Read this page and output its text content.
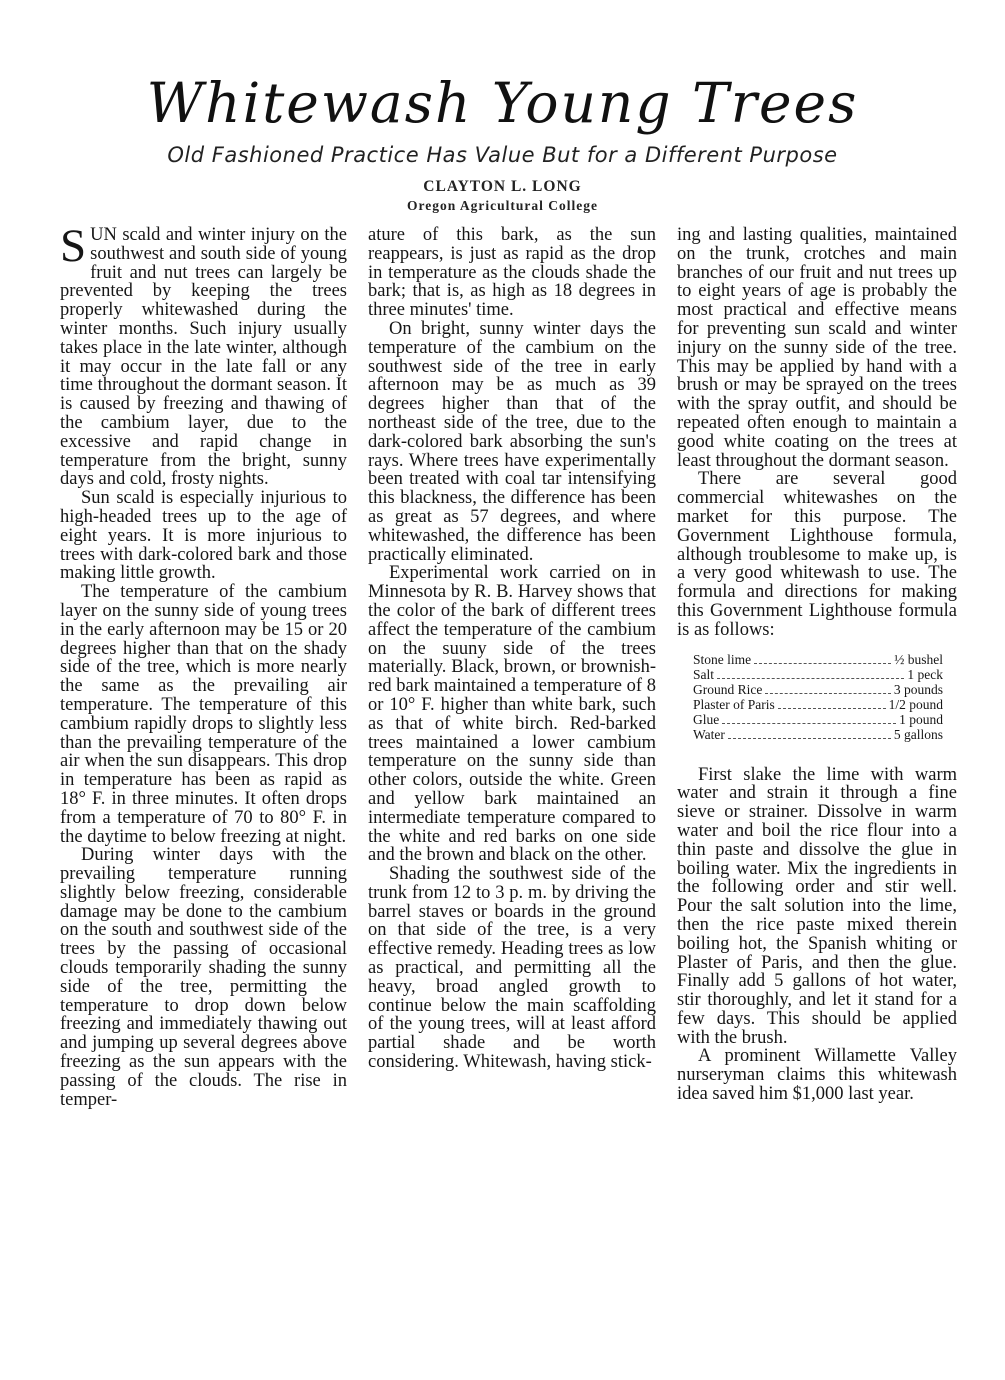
Whitewash Young Trees
Old Fashioned Practice Has Value But for a Different Purpose
CLAYTON L. LONG
Oregon Agricultural College

SUN scald and winter injury on the southwest and south side of young fruit and nut trees can largely be prevented by keeping the trees properly whitewashed during the winter months. Such injury usually takes place in the late winter, although it may occur in the late fall or any time throughout the dormant season. It is caused by freezing and thawing of the cambium layer, due to the excessive and rapid change in temperature from the bright, sunny days and cold, frosty nights.

Sun scald is especially injurious to high-headed trees up to the age of eight years. It is more injurious to trees with dark-colored bark and those making little growth.

The temperature of the cambium layer on the sunny side of young trees in the early afternoon may be 15 or 20 degrees higher than that on the shady side of the tree, which is more nearly the same as the prevailing air temperature. The temperature of this cambium rapidly drops to slightly less than the prevailing temperature of the air when the sun disappears. This drop in temperature has been as rapid as 18° F. in three minutes. It often drops from a temperature of 70 to 80° F. in the daytime to below freezing at night.

During winter days with the prevailing temperature running slightly below freezing, considerable damage may be done to the cambium on the south and southwest side of the trees by the passing of occasional clouds temporarily shading the sunny side of the tree, permitting the temperature to drop down below freezing and immediately thawing out and jumping up several degrees above freezing as the sun appears with the passing of the clouds. The rise in temper-

ature of this bark, as the sun reappears, is just as rapid as the drop in temperature as the clouds shade the bark; that is, as high as 18 degrees in three minutes' time.

On bright, sunny winter days the temperature of the cambium on the southwest side of the tree in early afternoon may be as much as 39 degrees higher than that of the northeast side of the tree, due to the dark-colored bark absorbing the sun's rays. Where trees have experimentally been treated with coal tar intensifying this blackness, the difference has been as great as 57 degrees, and where whitewashed, the difference has been practically eliminated.

Experimental work carried on in Minnesota by R. B. Harvey shows that the color of the bark of different trees affect the temperature of the cambium on the suuny side of the trees materially. Black, brown, or brownish-red bark maintained a temperature of 8 or 10° F. higher than white bark, such as that of white birch. Red-barked trees maintained a lower cambium temperature on the sunny side than other colors, outside the white. Green and yellow bark maintained an intermediate temperature compared to the white and red barks on one side and the brown and black on the other.

Shading the southwest side of the trunk from 12 to 3 p. m. by driving the barrel staves or boards in the ground on that side of the tree, is a very effective remedy. Heading trees as low as practical, and permitting all the heavy, broad angled growth to continue below the main scaffolding of the young trees, will at least afford partial shade and be worth considering. Whitewash, having stick-

ing and lasting qualities, maintained on the trunk, crotches and main branches of our fruit and nut trees up to eight years of age is probably the most practical and effective means for preventing sun scald and winter injury on the sunny side of the tree. This may be applied by hand with a brush or may be sprayed on the trees with the spray outfit, and should be repeated often enough to maintain a good white coating on the trees at least throughout the dormant season.

There are several good commercial whitewashes on the market for this purpose. The Government Lighthouse formula, although troublesome to make up, is a very good whitewash to use. The formula and directions for making this Government Lighthouse formula is as follows:

Stone lime	½ bushel
Salt	1 peck
Ground Rice	3 pounds
Plaster of Paris	1/2 pound
Glue	1 pound
Water	5 gallons

First slake the lime with warm water and strain it through a fine sieve or strainer. Dissolve in warm water and boil the rice flour into a thin paste and dissolve the glue in boiling water. Mix the ingredients in the following order and stir well. Pour the salt solution into the lime, then the rice paste mixed therein boiling hot, the Spanish whiting or Plaster of Paris, and then the glue. Finally add 5 gallons of hot water, stir thoroughly, and let it stand for a few days. This should be applied with the brush.

A prominent Willamette Valley nurseryman claims this whitewash idea saved him $1,000 last year.
